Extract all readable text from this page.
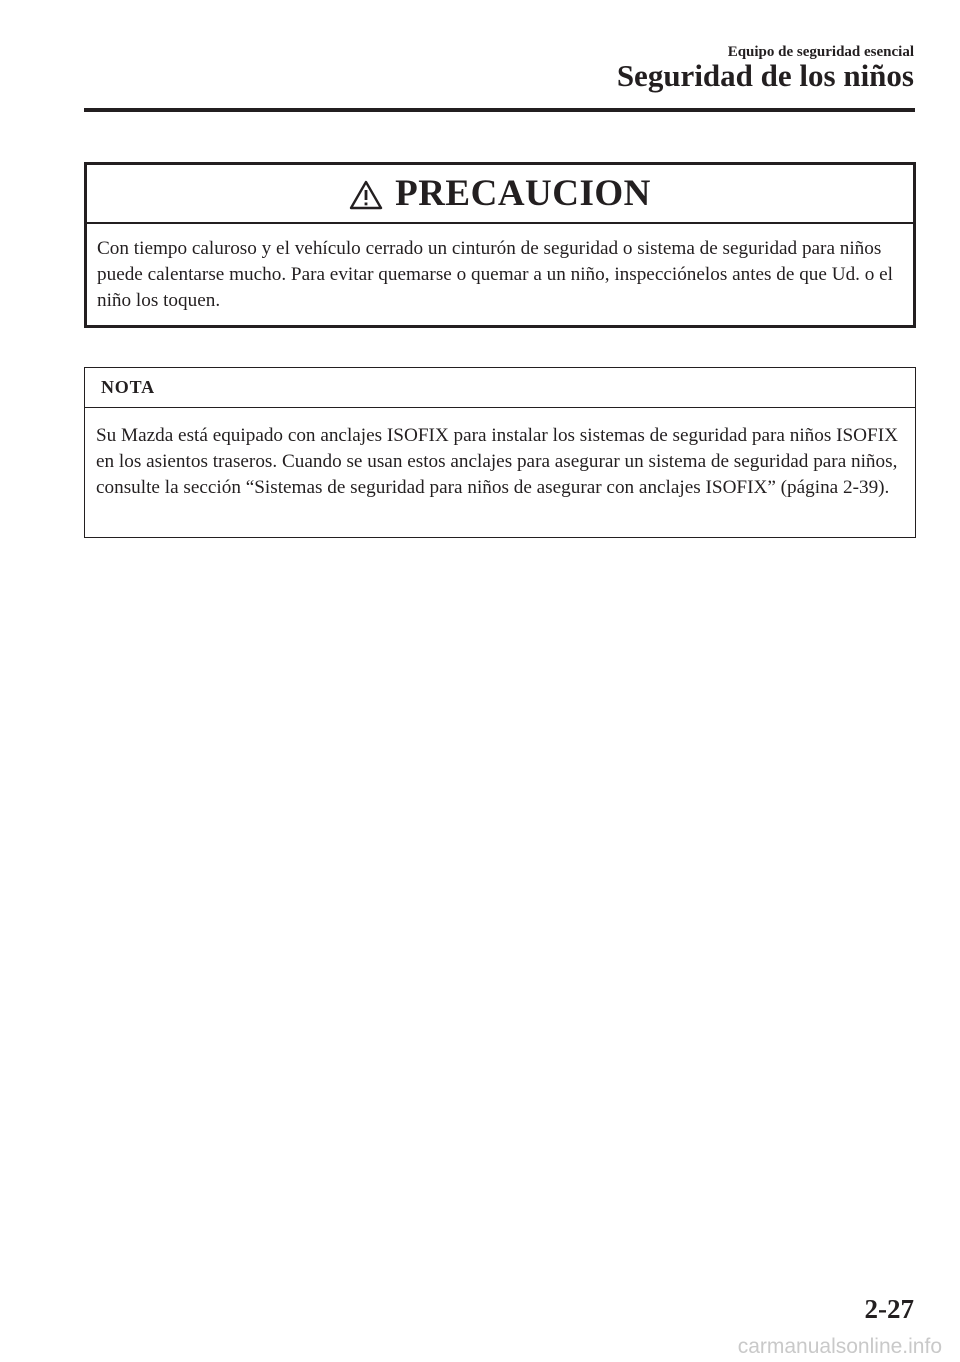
Equipo de seguridad esencial
Seguridad de los niños
PRECAUCION
Con tiempo caluroso y el vehículo cerrado un cinturón de seguridad o sistema de seguridad para niños puede calentarse mucho. Para evitar quemarse o quemar a un niño, inspecciónelos antes de que Ud. o el niño los toquen.
NOTA
Su Mazda está equipado con anclajes ISOFIX para instalar los sistemas de seguridad para niños ISOFIX en los asientos traseros. Cuando se usan estos anclajes para asegurar un sistema de seguridad para niños, consulte la sección “Sistemas de seguridad para niños de asegurar con anclajes ISOFIX” (página 2-39).
2-27
carmanualsonline.info
